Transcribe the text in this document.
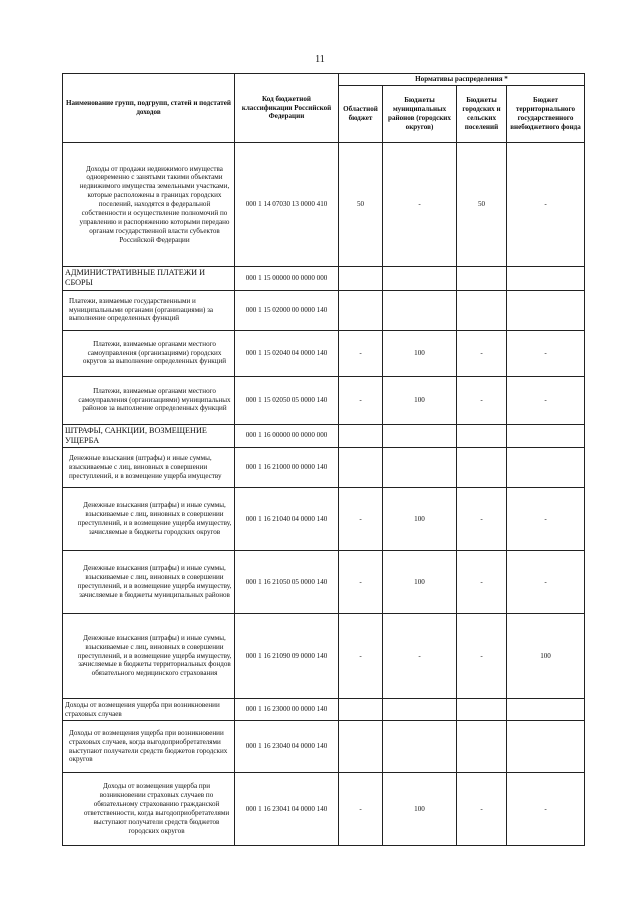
11
Наименование групп, подгрупп, статей и подстатей доходов	Код бюджетной классификации Российской Федерации	Нормативы распределения *			
		Областной бюджет	Бюджеты муниципальных районов (городских округов)	Бюджеты городских и сельских поселений	Бюджет территориального государственного внебюджетного фонда
Доходы от продажи недвижимого имущества одновременно с занятыми такими объектами недвижимого имущества земельными участками, которые расположены в границах городских поселений, находятся в федеральной собственности и осуществление полномочий по управлению и распоряжению которыми передано органам государственной власти субъектов Российской Федерации	000 1 14 07030 13 0000 410	50	-	50	-
АДМИНИСТРАТИВНЫЕ ПЛАТЕЖИ И СБОРЫ	000 1 15 00000 00 0000 000				
Платежи, взимаемые государственными и муниципальными органами (организациями) за выполнение определенных функций	000 1 15 02000 00 0000 140				
Платежи, взимаемые органами местного самоуправления (организациями) городских округов за выполнение определенных функций	000 1 15 02040 04 0000 140	-	100	-	-
Платежи, взимаемые органами местного самоуправления (организациями) муниципальных районов за выполнение определенных функций	000 1 15 02050 05 0000 140	-	100	-	-
ШТРАФЫ, САНКЦИИ, ВОЗМЕЩЕНИЕ УЩЕРБА	000 1 16 00000 00 0000 000				
Денежные взыскания (штрафы) и иные суммы, взыскиваемые с лиц, виновных в совершении преступлений, и в возмещение ущерба имуществу	000 1 16 21000 00 0000 140				
Денежные взыскания (штрафы) и иные суммы, взыскиваемые с лиц, виновных в совершении преступлений, и в возмещение ущерба имуществу, зачисляемые в бюджеты городских округов	000 1 16 21040 04 0000 140	-	100	-	-
Денежные взыскания (штрафы) и иные суммы, взыскиваемые с лиц, виновных в совершении преступлений, и в возмещение ущерба имуществу, зачисляемые в бюджеты муниципальных районов	000 1 16 21050 05 0000 140	-	100	-	-
Денежные взыскания (штрафы) и иные суммы, взыскиваемые с лиц, виновных в совершении преступлений, и в возмещение ущерба имуществу, зачисляемые в бюджеты территориальных фондов обязательного медицинского страхования	000 1 16 21090 09 0000 140	-	-	-	100
Доходы от возмещения ущерба при возникновении страховых случаев	000 1 16 23000 00 0000 140				
Доходы от возмещения ущерба при возникновении страховых случаев, когда выгодоприобретателями выступают получатели средств бюджетов городских округов	000 1 16 23040 04 0000 140				
Доходы от возмещения ущерба при возникновении страховых случаев по обязательному страхованию гражданской ответственности, когда выгодоприобретателями выступают получатели средств бюджетов городских округов	000 1 16 23041 04 0000 140	-	100	-	-
